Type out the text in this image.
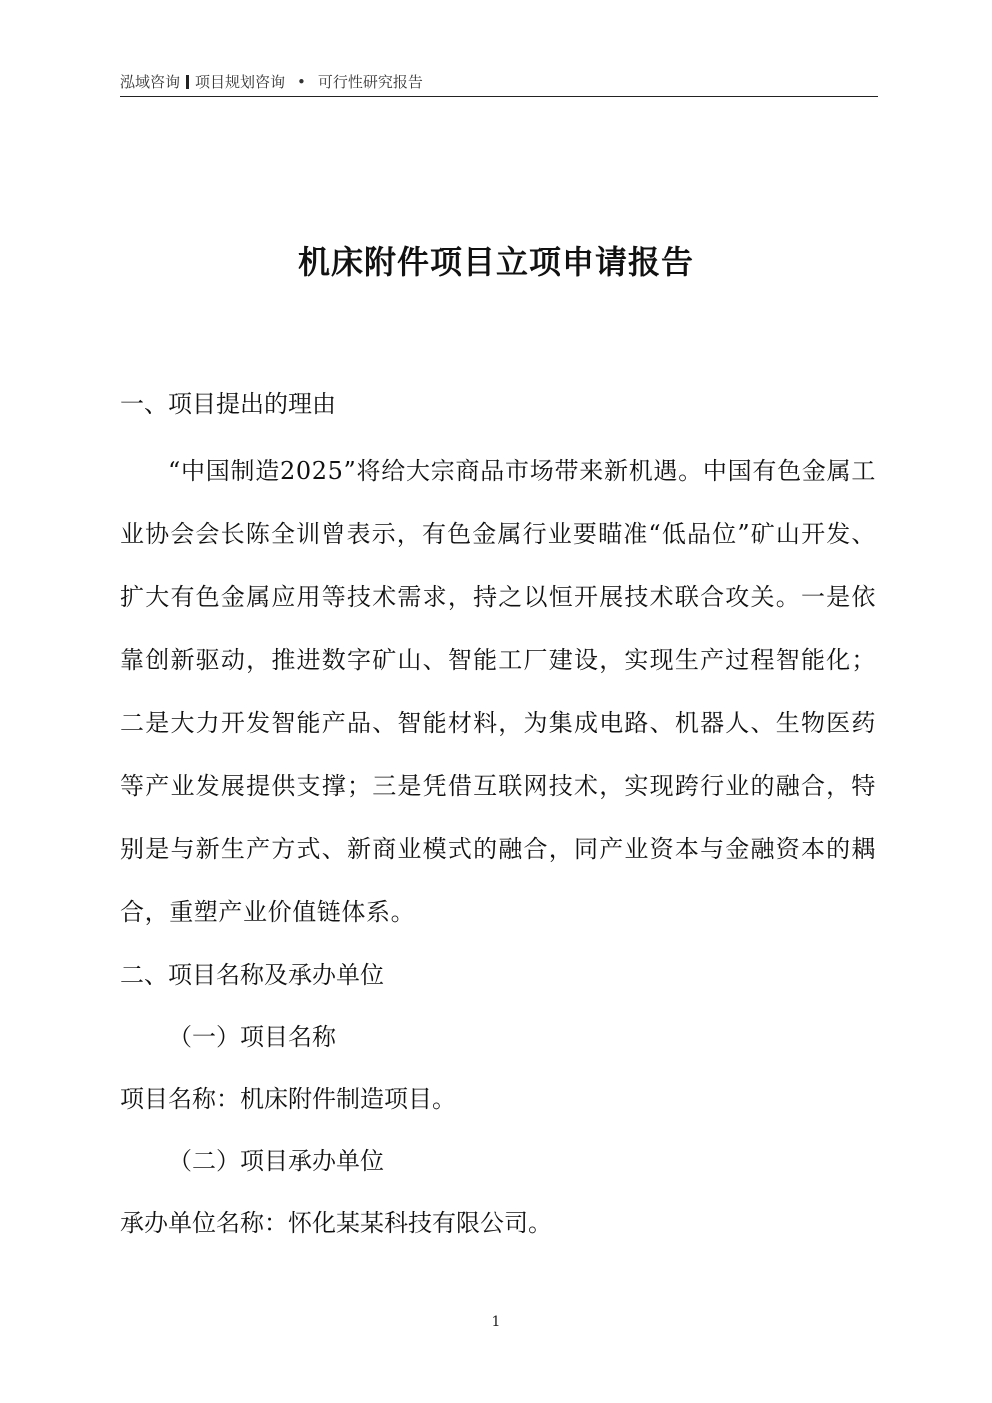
泓域咨询 项目规划咨询 • 可行性研究报告
机床附件项目立项申请报告

一、项目提出的理由

“中国制造2025”将给大宗商品市场带来新机遇。中国有色金属工业协会会长陈全训曾表示，有色金属行业要瞄准“低品位”矿山开发、扩大有色金属应用等技术需求，持之以恒开展技术联合攻关。一是依靠创新驱动，推进数字矿山、智能工厂建设，实现生产过程智能化；二是大力开发智能产品、智能材料，为集成电路、机器人、生物医药等产业发展提供支撑；三是凭借互联网技术，实现跨行业的融合，特别是与新生产方式、新商业模式的融合，同产业资本与金融资本的耦合，重塑产业价值链体系。

二、项目名称及承办单位

（一）项目名称

项目名称：机床附件制造项目。

（二）项目承办单位

承办单位名称：怀化某某科技有限公司。

1
